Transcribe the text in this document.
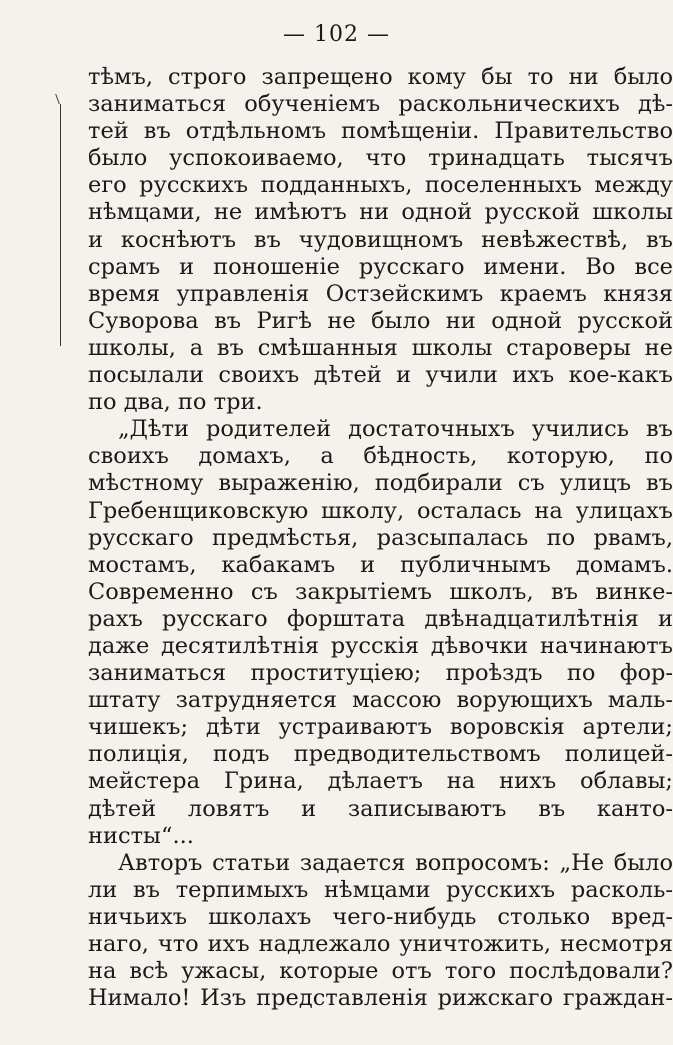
— 102 —
тѣмъ, строго запрещено кому бы то ни было
заниматься обученіемъ раскольническихъ дѣ-
тей въ отдѣльномъ помѣщеніи. Правительство
было успокоиваемо, что тринадцать тысячъ
его русскихъ подданныхъ, поселенныхъ между
нѣмцами, не имѣютъ ни одной русской школы
и коснѣютъ въ чудовищномъ невѣжествѣ, въ
срамъ и поношеніе русскаго имени. Во все
время управленія Остзейскимъ краемъ князя
Суворова въ Ригѣ не было ни одной русской
школы, а въ смѣшанныя школы староверы не
посылали своихъ дѣтей и учили ихъ кое-какъ
по два, по три.
„Дѣти родителей достаточныхъ учились въ
своихъ домахъ, а бѣдность, которую, по
мѣстному выраженію, подбирали съ улицъ въ
Гребенщиковскую школу, осталась на улицахъ
русскаго предмѣстья, разсыпалась по рвамъ,
мостамъ, кабакамъ и публичнымъ домамъ.
Современно съ закрытіемъ школъ, въ винке-
рахъ русскаго форштата двѣнадцатилѣтнія и
даже десятилѣтнія русскія дѣвочки начинаютъ
заниматься проституціею; проѣздъ по фор-
штату затрудняется массою ворующихъ маль-
чишекъ; дѣти устраиваютъ воровскія артели;
полиція, подъ предводительствомъ полицей-
мейстера Грина, дѣлаетъ на нихъ облавы;
дѣтей ловятъ и записываютъ въ канто-
нисты“...
Авторъ статьи задается вопросомъ: „Не было
ли въ терпимыхъ нѣмцами русскихъ расколь-
ничьихъ школахъ чего-нибудь столько вред-
наго, что ихъ надлежало уничтожить, несмотря
на всѣ ужасы, которые отъ того послѣдовали?
Нимало! Изъ представленія рижскаго граждан-
